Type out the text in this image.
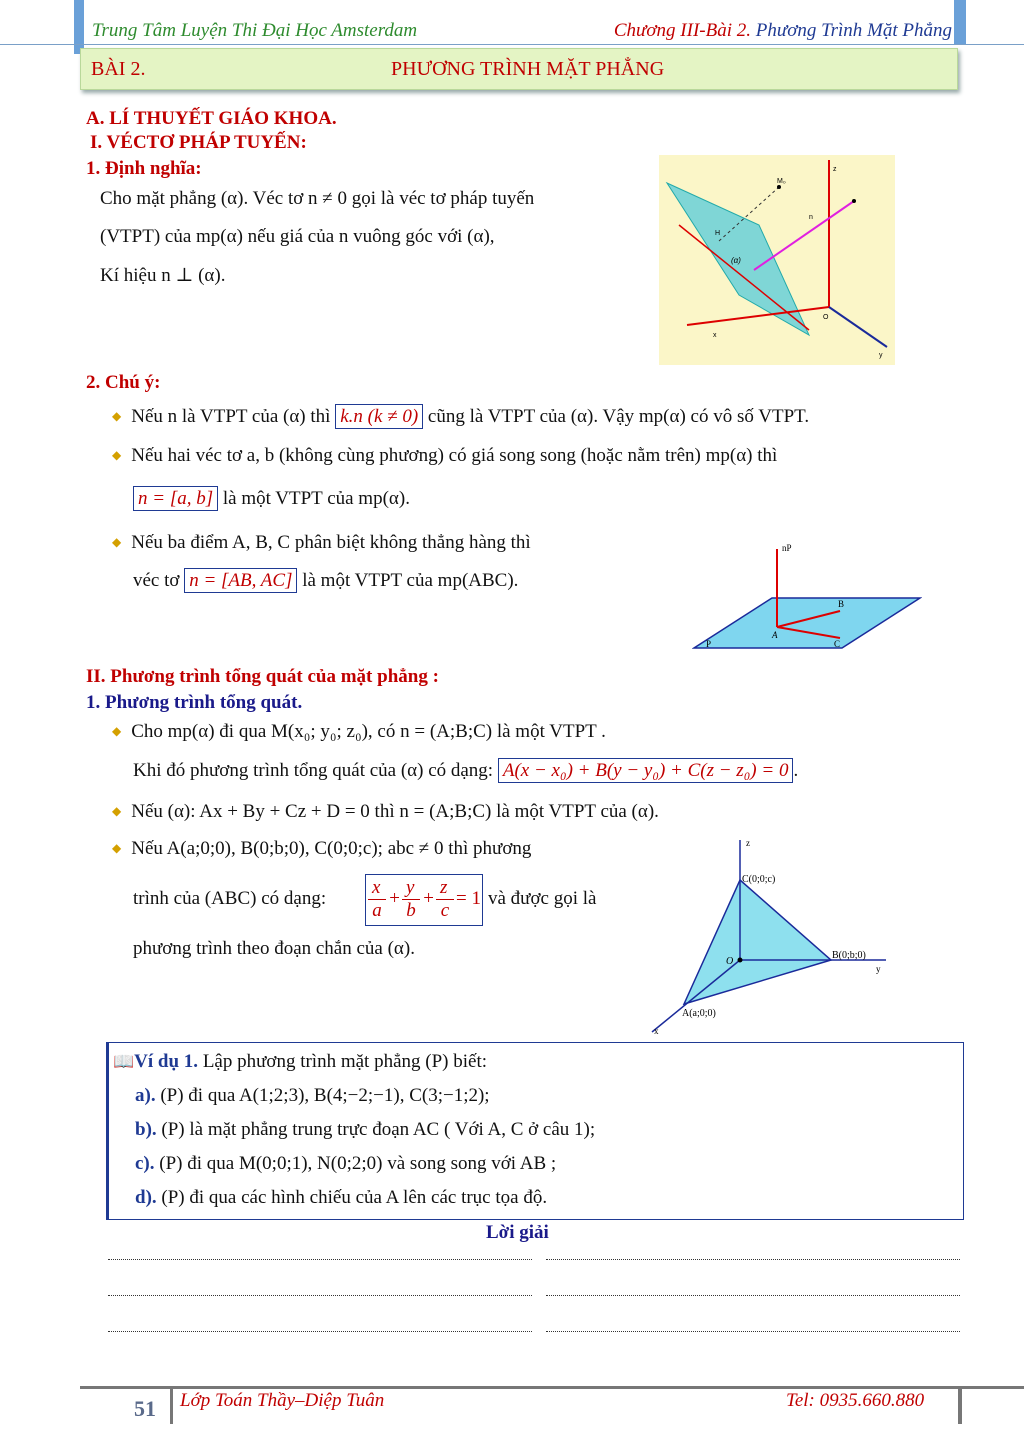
Trung Tâm Luyện Thi Đại Học Amsterdam	Chương III-Bài 2. Phương Trình Mặt Phẳng
BÀI 2.	PHƯƠNG TRÌNH MẶT PHẲNG
A. LÍ THUYẾT GIÁO KHOA.
I. VÉCTƠ PHÁP TUYẾN:
1. Định nghĩa:
Cho mặt phẳng (α). Véc tơ n ≠ 0 gọi là véc tơ pháp tuyến
(VTPT) của mp(α) nếu giá của n vuông góc với (α),
Kí hiệu n ⊥ (α).
M₀
z
n
H
(α)
O
x
y
2. Chú ý:
◆ Nếu n là VTPT của (α) thì k.n (k ≠ 0) cũng là VTPT của (α). Vậy mp(α) có vô số VTPT.
◆ Nếu hai véc tơ a, b (không cùng phương) có giá song song (hoặc nằm trên) mp(α) thì
n = [a, b] là một VTPT của mp(α).
◆ Nếu ba điểm A, B, C phân biệt không thẳng hàng thì
véc tơ n = [AB, AC] là một VTPT của mp(ABC).
nP
B
A
C
P
II. Phương trình tổng quát của mặt phẳng :
1. Phương trình tổng quát.
◆ Cho mp(α) đi qua M(x₀; y₀; z₀), có n = (A;B;C) là một VTPT .
Khi đó phương trình tổng quát của (α) có dạng: A(x − x₀) + B(y − y₀) + C(z − z₀) = 0 .
◆ Nếu (α): Ax + By + Cz + D = 0 thì n = (A;B;C) là một VTPT của (α).
◆ Nếu A(a;0;0), B(0;b;0), C(0;0;c); abc ≠ 0 thì phương
trình của (ABC) có dạng:
x
a
+
y
b
+
z
c
= 1 và được gọi là
phương trình theo đoạn chắn của (α).
z
C(0;0;c)
O
B(0;b;0)
y
A(a;0;0)
x
📖Ví dụ 1. Lập phương trình mặt phẳng (P) biết:
a). (P) đi qua A(1;2;3), B(4;−2;−1), C(3;−1;2);
b). (P) là mặt phẳng trung trực đoạn AC ( Với A, C ở câu 1);
c). (P) đi qua M(0;0;1), N(0;2;0) và song song với AB ;
d). (P) đi qua các hình chiếu của A lên các trục tọa độ.
Lời giải
51 Lớp Toán Thầy–Diệp Tuân	Tel: 0935.660.880
